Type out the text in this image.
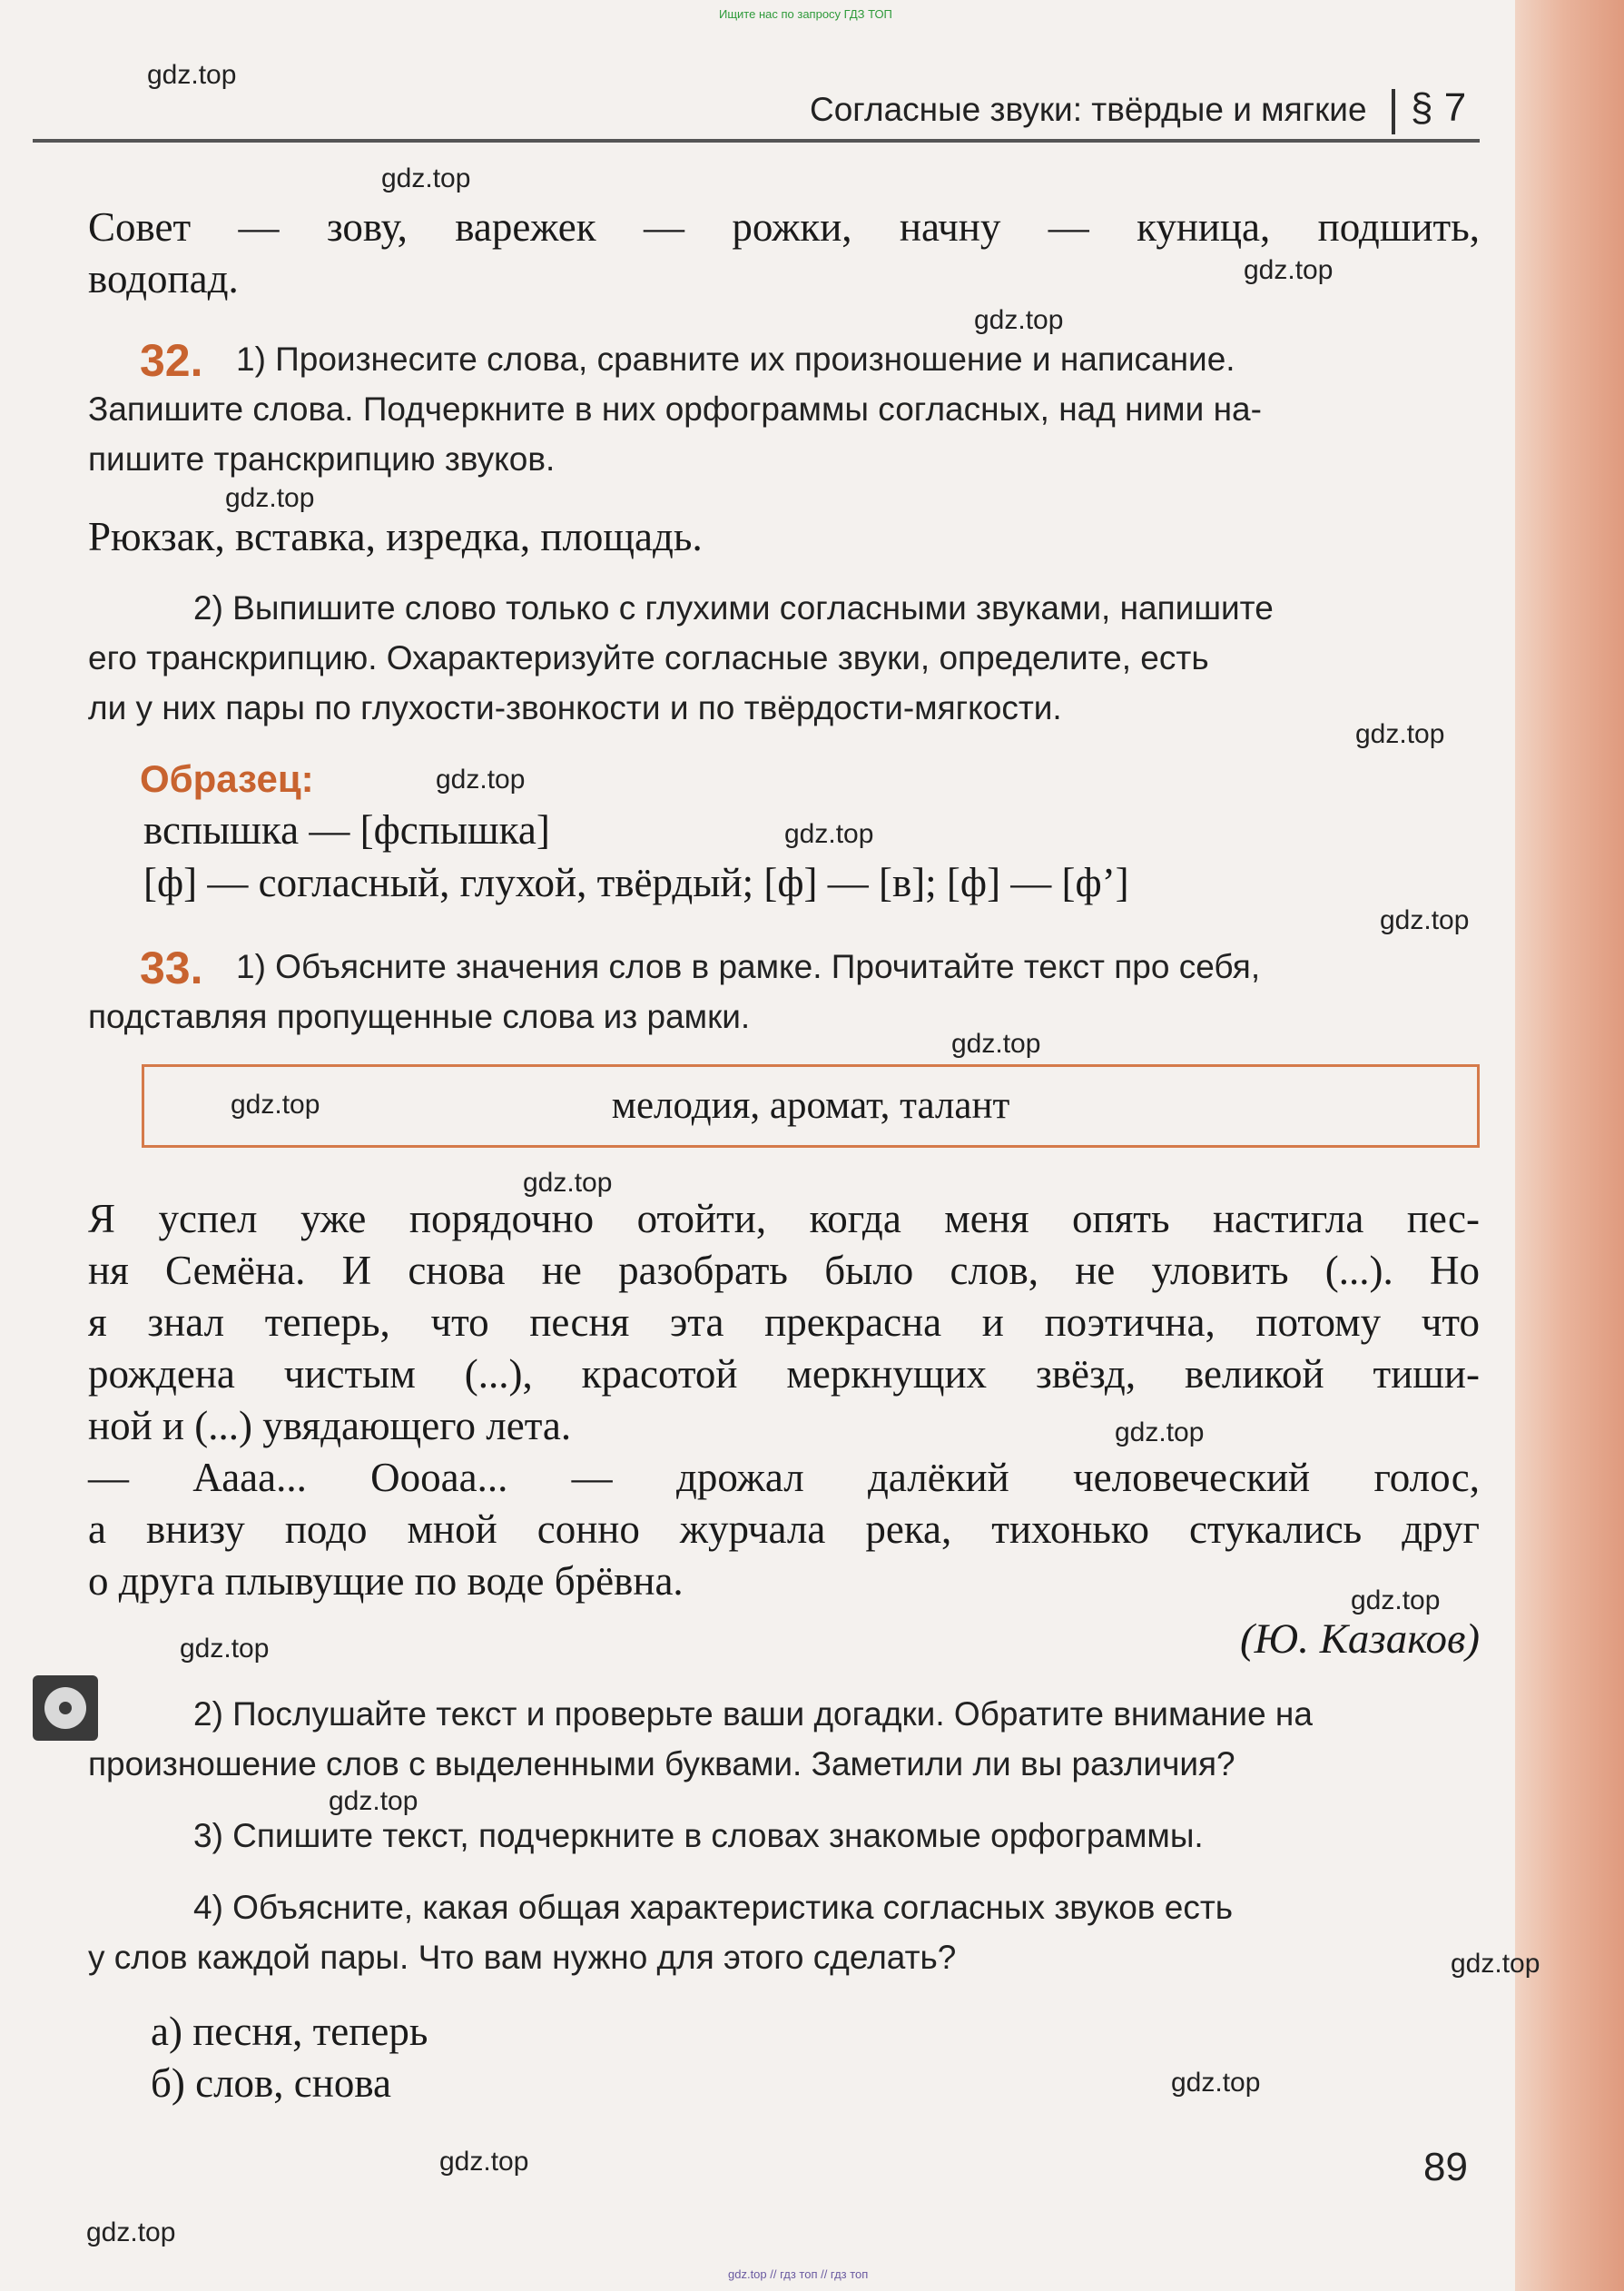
Ищите нас по запросу ГДЗ ТОП
gdz.top // гдз топ // гдз топ
gdz.top
gdz.top
gdz.top
gdz.top
gdz.top
gdz.top
gdz.top
gdz.top
gdz.top
gdz.top
gdz.top
gdz.top
gdz.top
gdz.top
gdz.top
gdz.top
gdz.top
gdz.top
gdz.top
gdz.top
Согласные звуки: твёрдые и мягкие § 7
Совет — зову, варежек — рожки, начну — куница, подшить,
водопад.
32. 1) Произнесите слова, сравните их произношение и написание.
Запишите слова. Подчеркните в них орфограммы согласных, над ними на-
пишите транскрипцию звуков.
Рюкзак, вставка, изредка, площадь.
2) Выпишите слово только с глухими согласными звуками, напишите
его транскрипцию. Охарактеризуйте согласные звуки, определите, есть
ли у них пары по глухости-звонкости и по твёрдости-мягкости.
Образец:
вспышка — [фспышка]
[ф] — согласный, глухой, твёрдый; [ф] — [в]; [ф] — [ф’]
33. 1) Объясните значения слов в рамке. Прочитайте текст про себя,
подставляя пропущенные слова из рамки.
мелодия, аромат, талант
Я успел уже порядочно отойти, когда меня опять настигла пес-
ня Семёна. И снова не разобрать было слов, не уловить (...). Но
я знал теперь, что песня эта прекрасна и поэтична, потому что
рождена чистым (...), красотой меркнущих звёзд, великой тиши-
ной и (...) увядающего лета.
— Аааа... Оооаа... — дрожал далёкий человеческий голос,
а внизу подо мной сонно журчала река, тихонько стукались друг
о друга плывущие по воде брёвна.
(Ю. Казаков)
2) Послушайте текст и проверьте ваши догадки. Обратите внимание на
произношение слов с выделенными буквами. Заметили ли вы различия?
3) Спишите текст, подчеркните в словах знакомые орфограммы.
4) Объясните, какая общая характеристика согласных звуков есть
у слов каждой пары. Что вам нужно для этого сделать?
а) песня, теперь
б) слов, снова
89
